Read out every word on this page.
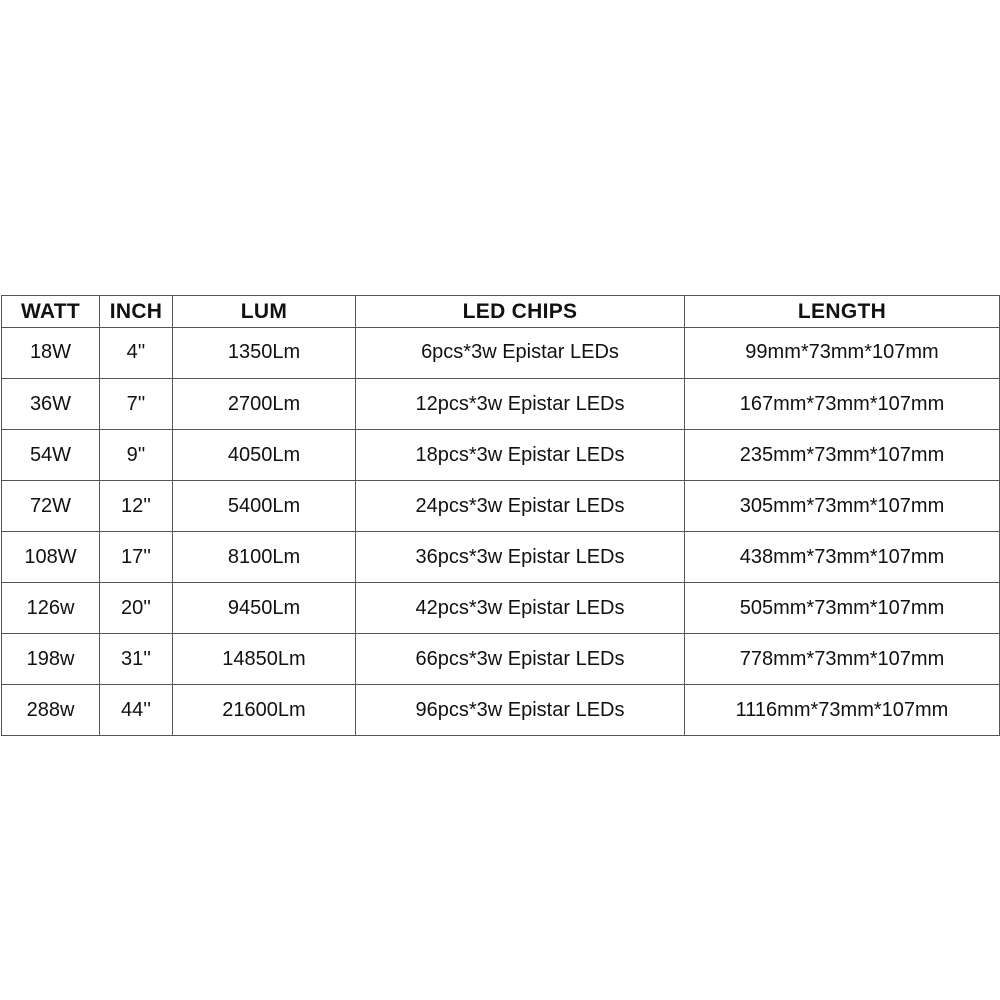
WATT	INCH	LUM	LED CHIPS	LENGTH
18W	4''	1350Lm	6pcs*3w Epistar LEDs	99mm*73mm*107mm
36W	7''	2700Lm	12pcs*3w Epistar LEDs	167mm*73mm*107mm
54W	9''	4050Lm	18pcs*3w Epistar LEDs	235mm*73mm*107mm
72W	12''	5400Lm	24pcs*3w Epistar LEDs	305mm*73mm*107mm
108W	17''	8100Lm	36pcs*3w Epistar LEDs	438mm*73mm*107mm
126w	20''	9450Lm	42pcs*3w Epistar LEDs	505mm*73mm*107mm
198w	31''	14850Lm	66pcs*3w Epistar LEDs	778mm*73mm*107mm
288w	44''	21600Lm	96pcs*3w Epistar LEDs	1116mm*73mm*107mm
